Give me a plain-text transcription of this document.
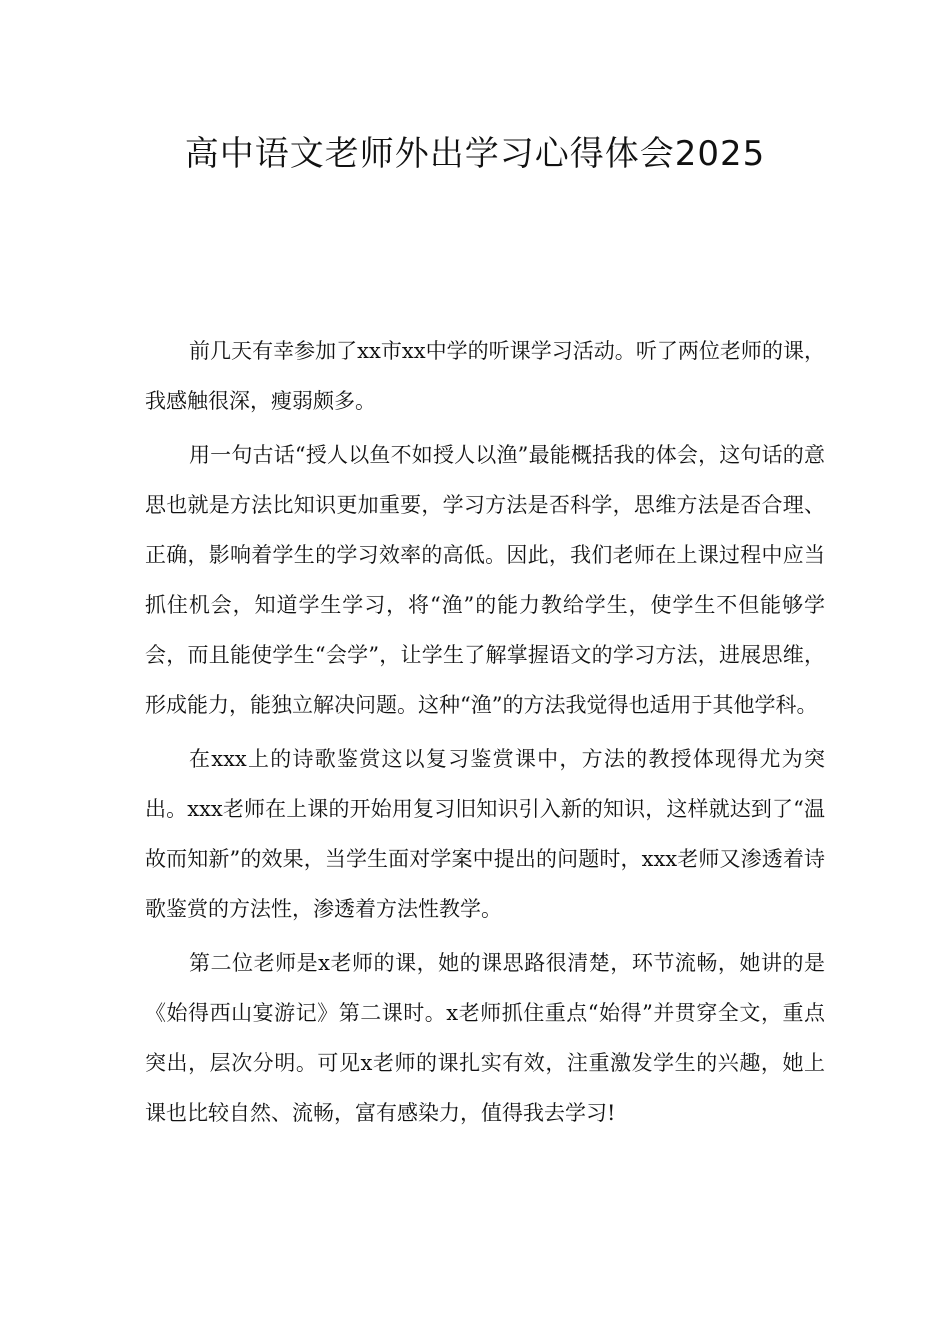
高中语文老师外出学习心得体会2025

前几天有幸参加了xx市xx中学的听课学习活动。听了两位老师的课，我感触很深，瘦弱颇多。

用一句古话“授人以鱼不如授人以渔”最能概括我的体会，这句话的意思也就是方法比知识更加重要，学习方法是否科学，思维方法是否合理、正确，影响着学生的学习效率的高低。因此，我们老师在上课过程中应当抓住机会，知道学生学习，将“渔”的能力教给学生，使学生不但能够学会，而且能使学生“会学”，让学生了解掌握语文的学习方法，进展思维，形成能力，能独立解决问题。这种“渔”的方法我觉得也适用于其他学科。

在xxx上的诗歌鉴赏这以复习鉴赏课中，方法的教授体现得尤为突出。xxx老师在上课的开始用复习旧知识引入新的知识，这样就达到了“温故而知新”的效果，当学生面对学案中提出的问题时，xxx老师又渗透着诗歌鉴赏的方法性，渗透着方法性教学。

第二位老师是x老师的课，她的课思路很清楚，环节流畅，她讲的是《始得西山宴游记》第二课时。x老师抓住重点“始得”并贯穿全文，重点突出，层次分明。可见x老师的课扎实有效，注重激发学生的兴趣，她上课也比较自然、流畅，富有感染力，值得我去学习!
